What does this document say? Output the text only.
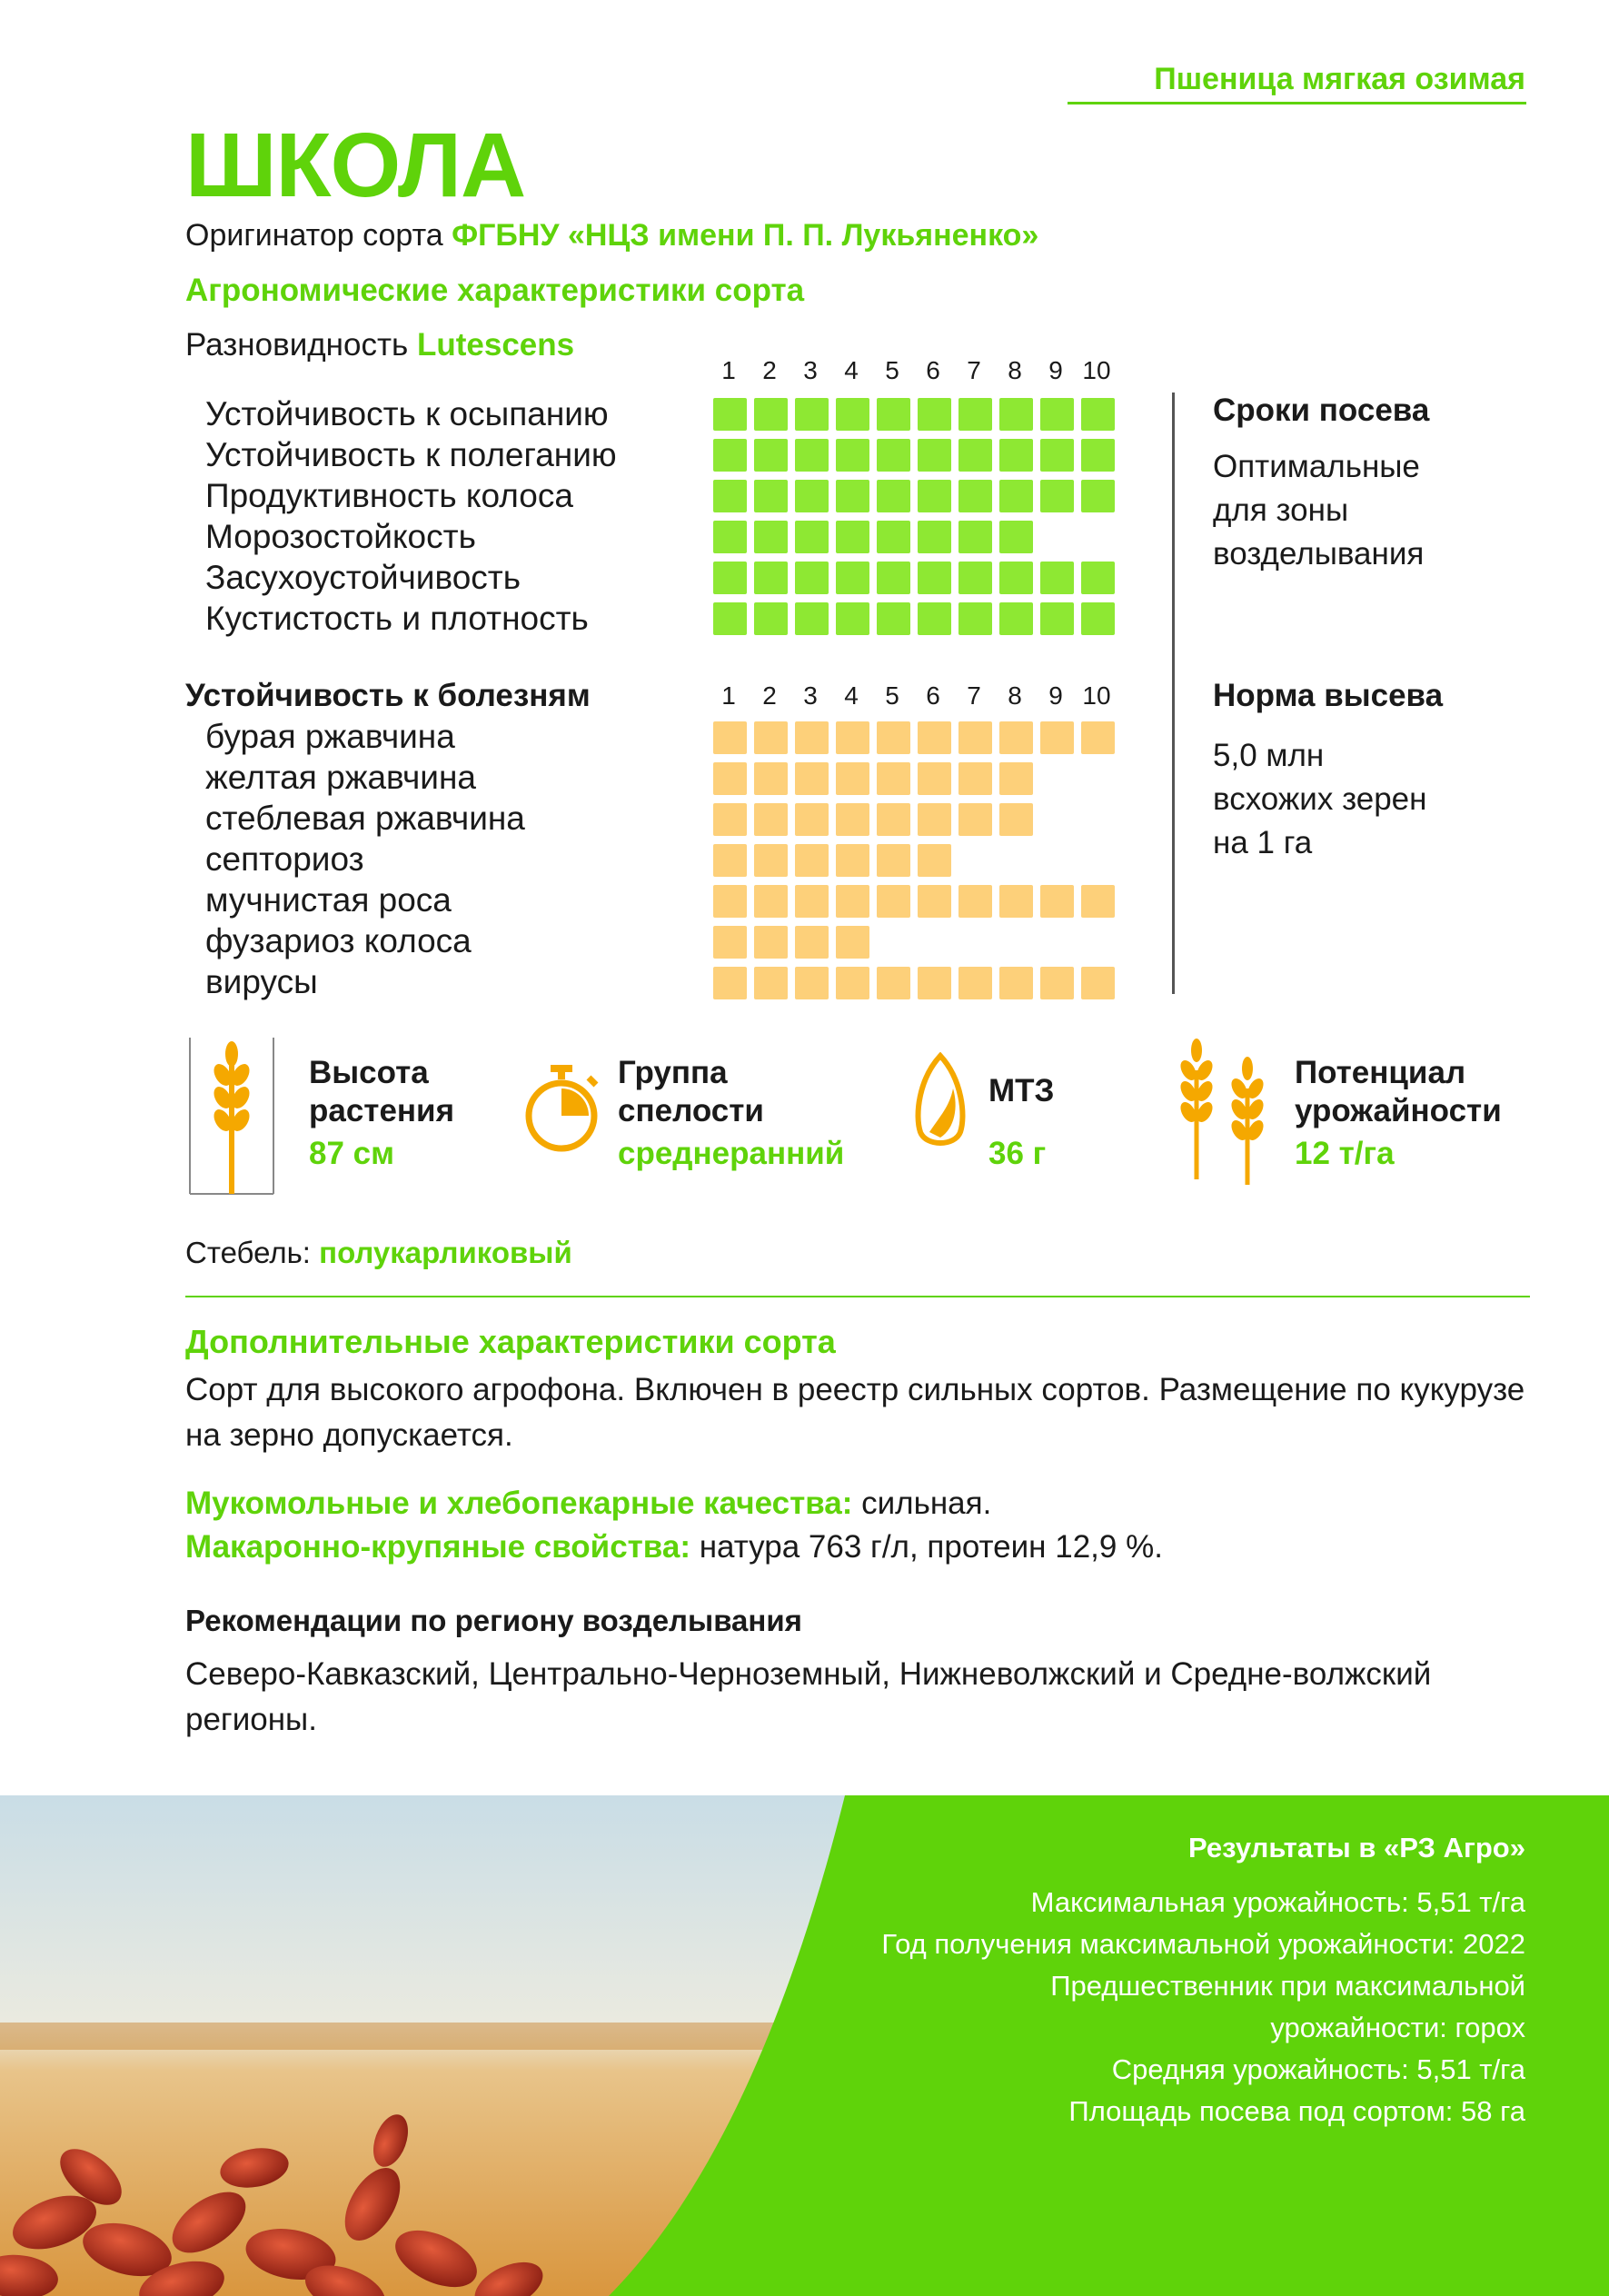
Пшеница мягкая озимая
ШКОЛА
Оригинатор сорта ФГБНУ «НЦЗ имени П. П. Лукьяненко»
Агрономические характеристики сорта
Разновидность Lutescens
1	2	3	4	5	6	7	8	9 10
Устойчивость к осыпанию
Устойчивость к полеганию
Продуктивность колоса
Морозостойкость
Засухоустойчивость
Кустистость и плотность
Сроки посева
Оптимальные
для зоны
возделывания
Норма высева
5,0 млн
всхожих зерен
на 1 га
Устойчивость к болезням	1	2	3	4	5	6	7	8	9 10
бурая ржавчина
желтая ржавчина
стеблевая ржавчина
септориоз
мучнистая роса
фузариоз колоса
вирусы
Высота
растения
87 см
Группа
спелости
среднеранний
МТЗ
36 г
Потенциал
урожайности
12 т/га
Стебель: полукарликовый
Дополнительные характеристики сорта
Сорт для высокого агрофона. Включен в реестр сильных сортов. Размещение по кукурузе на зерно допускается.
Мукомольные и хлебопекарные качества: сильная.
Макаронно-крупяные свойства: натура 763 г/л, протеин 12,9 %.
Рекомендации по региону возделывания
Северо-Кавказский, Центрально-Черноземный, Нижневолжский и Средне-волжский регионы.
Результаты в «РЗ Агро»
Максимальная урожайность: 5,51 т/га
Год получения максимальной урожайности: 2022
Предшественник при максимальной
урожайности: горох
Средняя урожайность: 5,51 т/га
Площадь посева под сортом: 58 га
